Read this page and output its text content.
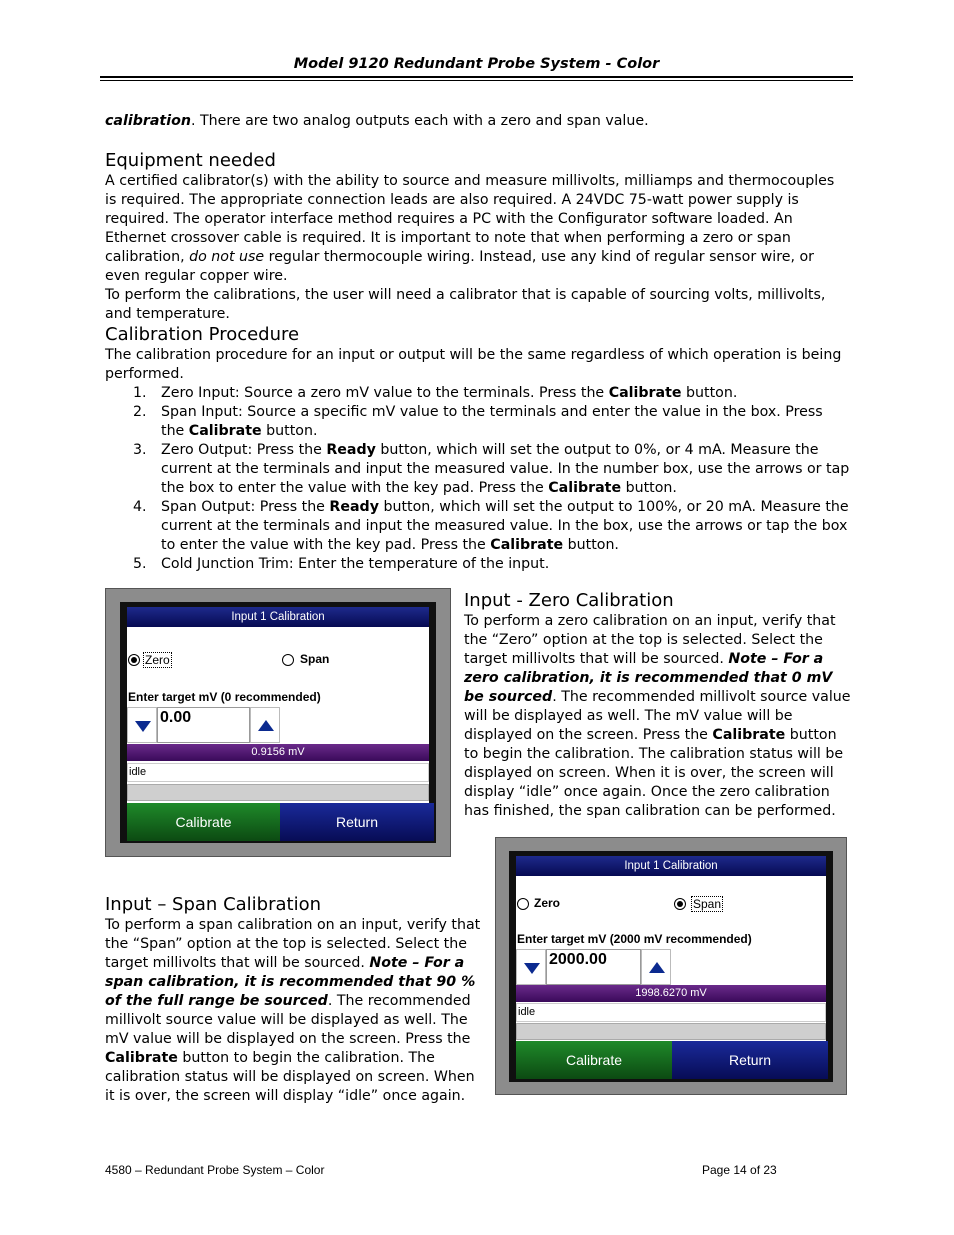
Model 9120 Redundant Probe System - Color

calibration. There are two analog outputs each with a zero and span value.

Equipment needed

A certified calibrator(s) with the ability to source and measure millivolts, milliamps and thermocouples is required. The appropriate connection leads are also required. A 24VDC 75-watt power supply is required. The operator interface method requires a PC with the Configurator software loaded. An Ethernet crossover cable is required. It is important to note that when performing a zero or span calibration, do not use regular thermocouple wiring. Instead, use any kind of regular sensor wire, or even regular copper wire.

To perform the calibrations, the user will need a calibrator that is capable of sourcing volts, millivolts, and temperature.

Calibration Procedure

The calibration procedure for an input or output will be the same regardless of which operation is being performed.

1. Zero Input: Source a zero mV value to the terminals. Press the Calibrate button.
2. Span Input: Source a specific mV value to the terminals and enter the value in the box. Press the Calibrate button.
3. Zero Output: Press the Ready button, which will set the output to 0%, or 4 mA. Measure the current at the terminals and input the measured value. In the number box, use the arrows or tap the box to enter the value with the key pad. Press the Calibrate button.
4. Span Output: Press the Ready button, which will set the output to 100%, or 20 mA. Measure the current at the terminals and input the measured value. In the box, use the arrows or tap the box to enter the value with the key pad. Press the Calibrate button.
5. Cold Junction Trim: Enter the temperature of the input.
Input 1 Calibration
Zero	Span
Enter target mV (0 recommended)
0.00
0.9156 mV
idle
Calibrate	Return
Input - Zero Calibration

To perform a zero calibration on an input, verify that the “Zero” option at the top is selected. Select the target millivolts that will be sourced. Note – For a zero calibration, it is recommended that 0 mV be sourced. The recommended millivolt source value will be displayed as well. The mV value will be displayed on the screen. Press the Calibrate button to begin the calibration. The calibration status will be displayed on screen. When it is over, the screen will display “idle” once again. Once the zero calibration has finished, the span calibration can be performed.

Input – Span Calibration

To perform a span calibration on an input, verify that the “Span” option at the top is selected. Select the target millivolts that will be sourced. Note – For a span calibration, it is recommended that 90 % of the full range be sourced. The recommended millivolt source value will be displayed as well. The mV value will be displayed on the screen. Press the Calibrate button to begin the calibration. The calibration status will be displayed on screen. When it is over, the screen will display “idle” once again.

Input 1 Calibration
Zero	Span
Enter target mV (2000 mV recommended)
2000.00
1998.6270 mV
idle
Calibrate	Return
4580 – Redundant Probe System – Color	Page 14 of 23
